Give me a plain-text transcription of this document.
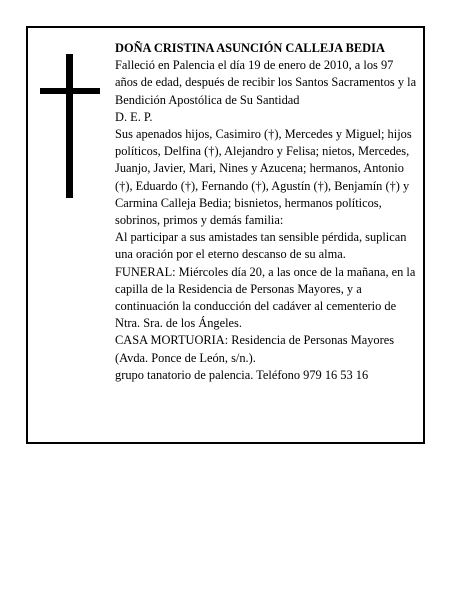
DOÑA CRISTINA ASUNCIÓN CALLEJA BEDIA

Falleció en Palencia el día 19 de enero de 2010, a los 97 años de edad, después de recibir los Santos Sacramentos y la Bendición Apostólica de Su Santidad

D. E. P.

Sus apenados hijos, Casimiro (†), Mercedes y Miguel; hijos políticos, Delfina (†), Alejandro y Felisa; nietos, Mercedes, Juanjo, Javier, Mari, Nines y Azucena; hermanos, Antonio (†), Eduardo (†), Fernando (†), Agustín (†), Benjamín (†) y Carmina Calleja Bedia; bisnietos, hermanos políticos, sobrinos, primos y demás familia:

Al participar a sus amistades tan sensible pérdida, suplican una oración por el eterno descanso de su alma.

FUNERAL: Miércoles día 20, a las once de la mañana, en la capilla de la Residencia de Personas Mayores, y a continuación la conducción del cadáver al cementerio de Ntra. Sra. de los Ángeles.

CASA MORTUORIA: Residencia de Personas Mayores (Avda. Ponce de León, s/n.).

grupo tanatorio de palencia. Teléfono 979 16 53 16
